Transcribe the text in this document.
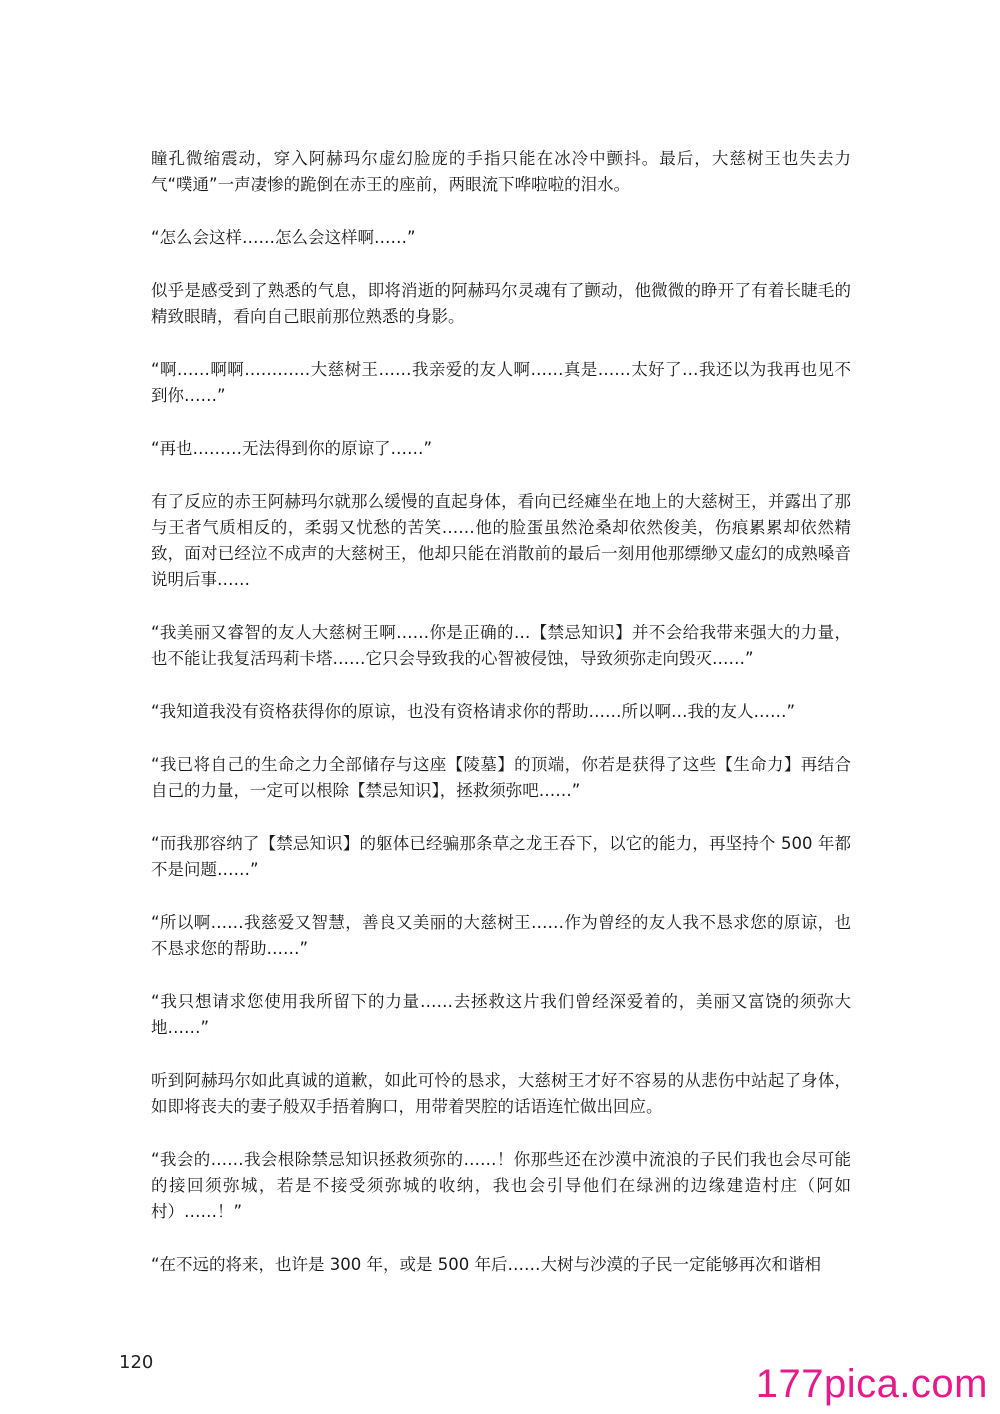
瞳孔微缩震动，穿入阿赫玛尔虚幻脸庞的手指只能在冰冷中颤抖。最后，大慈树王也失去力气“噗通”一声凄惨的跪倒在赤王的座前，两眼流下哗啦啦的泪水。

“怎么会这样……怎么会这样啊……”

似乎是感受到了熟悉的气息，即将消逝的阿赫玛尔灵魂有了颤动，他微微的睁开了有着长睫毛的精致眼睛，看向自己眼前那位熟悉的身影。

“啊……啊啊…………大慈树王……我亲爱的友人啊……真是……太好了…我还以为我再也见不到你……”

“再也………无法得到你的原谅了……”

有了反应的赤王阿赫玛尔就那么缓慢的直起身体，看向已经瘫坐在地上的大慈树王，并露出了那与王者气质相反的，柔弱又忧愁的苦笑……他的脸蛋虽然沧桑却依然俊美，伤痕累累却依然精致，面对已经泣不成声的大慈树王，他却只能在消散前的最后一刻用他那缥缈又虚幻的成熟嗓音说明后事……

“我美丽又睿智的友人大慈树王啊……你是正确的…【禁忌知识】并不会给我带来强大的力量，也不能让我复活玛莉卡塔……它只会导致我的心智被侵蚀，导致须弥走向毁灭……”

“我知道我没有资格获得你的原谅，也没有资格请求你的帮助……所以啊…我的友人……”

“我已将自己的生命之力全部储存与这座【陵墓】的顶端，你若是获得了这些【生命力】再结合自己的力量，一定可以根除【禁忌知识】，拯救须弥吧……”

“而我那容纳了【禁忌知识】的躯体已经骗那条草之龙王吞下，以它的能力，再坚持个 500 年都不是问题……”

“所以啊……我慈爱又智慧，善良又美丽的大慈树王……作为曾经的友人我不恳求您的原谅，也不恳求您的帮助……”

“我只想请求您使用我所留下的力量……去拯救这片我们曾经深爱着的，美丽又富饶的须弥大地……”

听到阿赫玛尔如此真诚的道歉，如此可怜的恳求，大慈树王才好不容易的从悲伤中站起了身体，如即将丧夫的妻子般双手捂着胸口，用带着哭腔的话语连忙做出回应。

“我会的……我会根除禁忌知识拯救须弥的……！你那些还在沙漠中流浪的子民们我也会尽可能的接回须弥城，若是不接受须弥城的收纳，我也会引导他们在绿洲的边缘建造村庄（阿如村）……！”

“在不远的将来，也许是 300 年，或是 500 年后……大树与沙漠的子民一定能够再次和谐相

120	177pica.com
